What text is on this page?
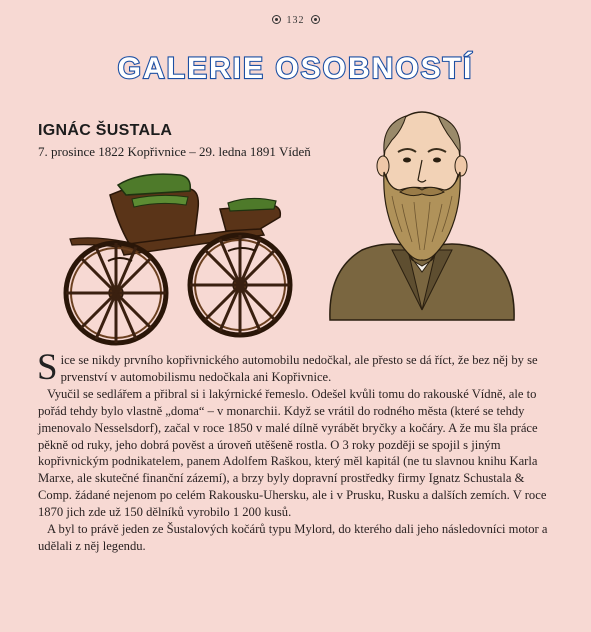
132
GALERIE OSOBNOSTÍ
IGNÁC ŠUSTALA
7. prosince 1822 Kopřivnice – 29. ledna 1891 Vídeň

Sice se nikdy prvního kopřivnického automobilu nedočkal, ale přesto se dá říct, že bez něj by se prvenství v automobilismu nedočkala ani Kopřivnice.

Vyučil se sedlářem a přibral si i lakýrnické řemeslo. Odešel kvůli tomu do rakouské Vídně, ale to pořád tehdy bylo vlastně „doma“ – v monarchii. Když se vrátil do rodného města (které se tehdy jmenovalo Nesselsdorf), začal v roce 1850 v malé dílně vyrábět bryčky a kočáry. A že mu šla práce pěkně od ruky, jeho dobrá pověst a úroveň utěšeně rostla. O 3 roky později se spojil s jiným kopřivnickým podnikatelem, panem Adolfem Raškou, který měl kapitál (ne tu slavnou knihu Karla Marxe, ale skutečné finanční zázemí), a brzy byly dopravní prostředky firmy Ignatz Schustala & Comp. žádané nejenom po celém Rakousku-Uhersku, ale i v Prusku, Rusku a dalších zemích. V roce 1870 jich zde už 150 dělníků vyrobilo 1 200 kusů.

A byl to právě jeden ze Šustalových kočárů typu Mylord, do kterého dali jeho následovníci motor a udělali z něj legendu.
